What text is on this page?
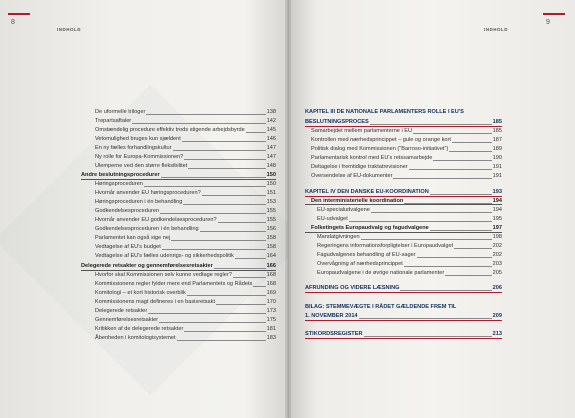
8
INDHOLD
De uformelle triloger	138
Trepartsaftaler	142
Omstændelig procedure effektiv trods stigende arbejdsbyrde	145
Vetomulighed bruges kun sjældent	146
En ny fælles forhandlingskultur	147
Ny rolle for Europa-Kommissionen?	147
Ulemperne ved den større fleksibilitet	148
Andre beslutningsprocedurer	150
Høringsproceduren	150
Hvornår anvender EU høringsproceduren?	151
Høringsproceduren i én behandling	153
Godkendelsesproceduren	155
Hvornår anvender EU godkendelsesproceduren?	155
Godkendelsesproceduren i én behandling	156
Parlamentet kan også sige nej	158
Vedtagelse af EU's budget	158
Vedtagelse af EU's fælles udenrigs- og sikkerhedspolitik	164
Delegerede retsakter og gennemførelsesretsakter	166
Hvorfor skal Kommissionen selv kunne vedtage regler?	168
Kommissionens regler fylder mere end Parlamentets og Rådets	168
Komitologi – et kort historisk overblik	169
Kommissionens magt defineres i en basisretsakt	170
Delegerede retsakter	173
Gennemførelsesretsakter	175
Kritikken af de delegerede retsakter	181
Åbenheden i komitologisystemet	183
9
INDHOLD
KAPITEL III DE NATIONALE PARLAMENTERS ROLLE I EU'S
BESLUTNINGSPROCES	185
Samarbejdet mellem parlamenterne i EU	185
Kontrollen med nærhedsprincippet – gule og orange kort	187
Politisk dialog med Kommissionen ("Barroso-initiativet")	189
Parlamentarisk kontrol med EU's retssamarbejde	190
Deltagelse i fremtidige traktatrevisioner	191
Oversendelse af EU-dokumenter	191
KAPITEL IV DEN DANSKE EU-KOORDINATION	193
Den interministerielle koordination	194
EU-specialudvalgene	194
EU-udvalget	195
Folketingets Europaudvalg og fagudvalgene	197
Mandatgivningen	198
Regeringens informationsforpligtelser i Europaudvalget	202
Fagudvalgenes behandling af EU-sager	202
Overvågning af nærhedsprincippet	203
Europaudvalgene i de øvrige nationale parlamenter	205
AFRUNDING OG VIDERE LÆSNING	206
BILAG: STEMMEVÆGTE I RÅDET GÆLDENDE FREM TIL
1. NOVEMBER 2014	209
STIKORDSREGISTER	213
